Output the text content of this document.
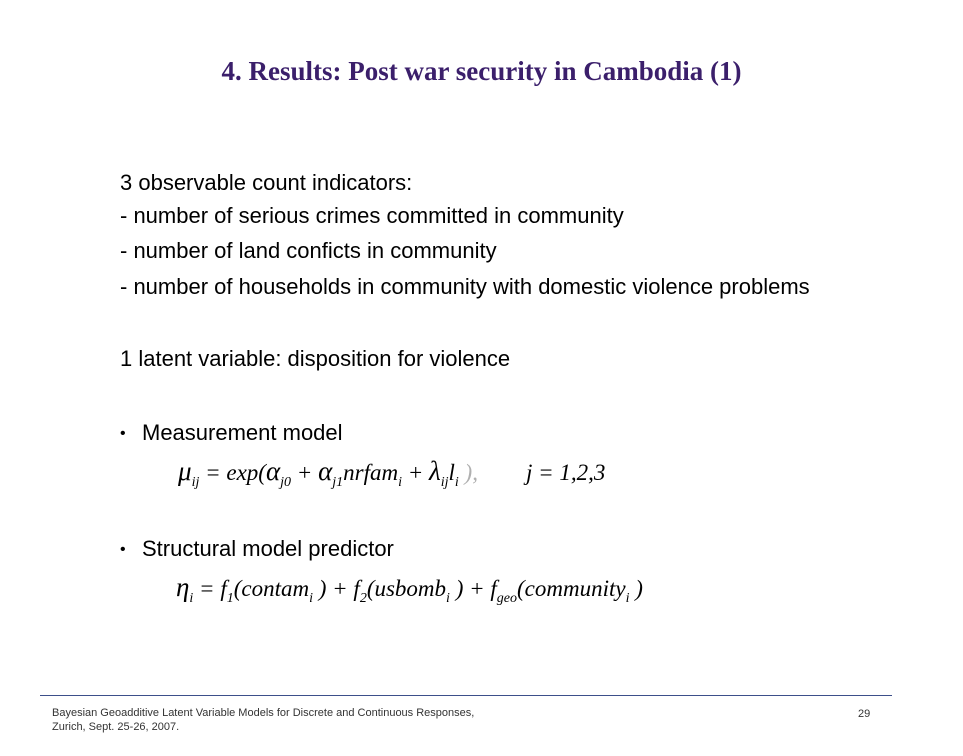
4. Results: Post war security in Cambodia (1)
3 observable count indicators:
- number of serious crimes committed in community
- number of land conficts in community
- number of households in community with domestic violence problems
1 latent variable: disposition for violence
• Measurement model
$\mu_{ij} = \exp(\alpha_{j0}$ + $\alpha_{j1}nrfam_i + \lambda_{ij}l_i$ ), j = 1,2,3
• Structural model predictor
$\eta_i$ = $f_1(contam_i$ ) + $f_2(usbomb_i$ ) + $f_{geo}(community_i$ )
Bayesian Geoadditive Latent Variable Models for Discrete and Continuous Responses,
Zurich, Sept. 25-26, 2007.
29
